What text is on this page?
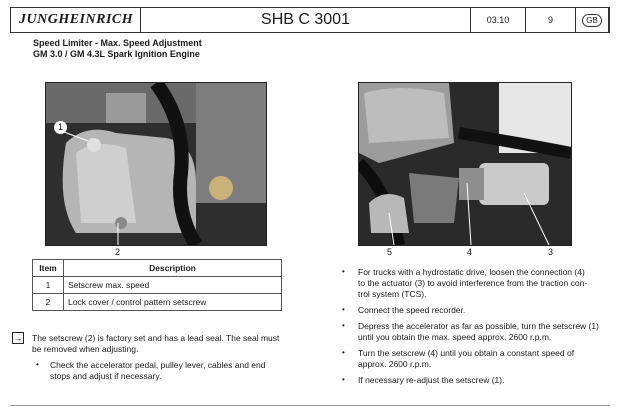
JUNGHEINRICH	SHB C 3001	03.10	9	GB
Speed Limiter - Max. Speed Adjustment
GM 3.0 / GM 4.3L Spark Ignition Engine
1
2	5	4	3
Item	Description
1	Setscrew max. speed
2	Lock cover / control pattern setscrew
→ The setscrew (2) is factory set and has a lead seal. The seal must
be removed when adjusting.
• Check the accelerator pedal, pulley lever, cables and end
stops and adjust if necessary.
• For trucks with a hydrostatic drive, loosen the connection (4)
to the actuator (3) to avoid interference from the traction con-
trol system (TCS).
• Connect the speed recorder.
• Depress the accelerator as far as possible, turn the setscrew (1)
until you obtain the max. speed approx. 2600 r.p.m.
• Turn the setscrew (4) until you obtain a constant speed of
approx. 2600 r.p.m.
• If necessary re-adjust the setscrew (1).
